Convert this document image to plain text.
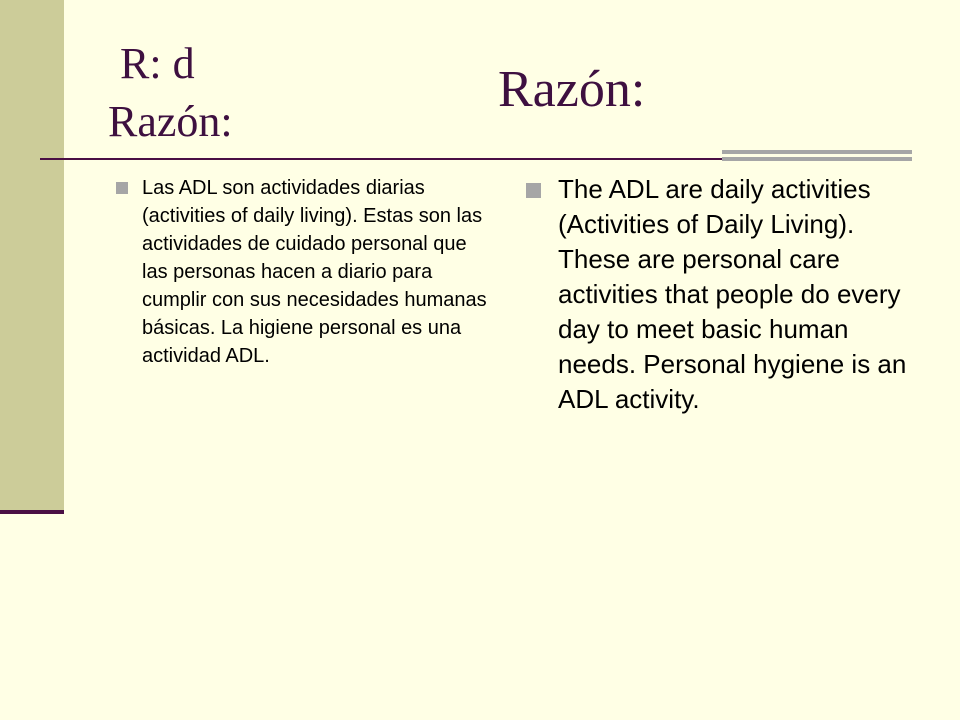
R: d
Razón:
Razón:
Las ADL son actividades diarias (activities of daily living). Estas son las actividades de cuidado personal que las personas hacen a diario para cumplir con sus necesidades humanas básicas. La higiene personal es una actividad ADL.
The ADL are daily activities (Activities of Daily Living). These are personal care activities that people do every day to meet basic human needs. Personal hygiene is an ADL activity.
